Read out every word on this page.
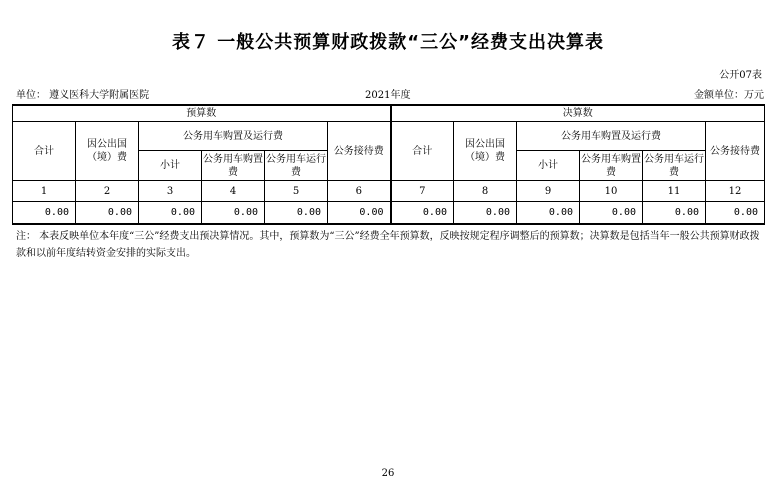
表７ 一般公共预算财政拨款“三公”经费支出决算表
公开07表
单位： 遵义医科大学附属医院	2021年度	金额单位：万元
预算数						决算数					
合计	因公出国（境）费	公务用车购置及运行费			公务接待费	合计	因公出国（境）费	公务用车购置及运行费			公务接待费
		小计	公务用车购置费	公务用车运行费				小计	公务用车购置费	公务用车运行费	
1	2	3	4	5	6	7	8	9	10	11	12
0.00	0.00	0.00	0.00	0.00	0.00	0.00	0.00	0.00	0.00	0.00	0.00
注： 本表反映单位本年度“三公”经费支出预决算情况。其中，预算数为“三公”经费全年预算数，反映按规定程序调整后的预算数；决算数是包括当年一般公共预算财政拨款和以前年度结转资金安排的实际支出。
26
